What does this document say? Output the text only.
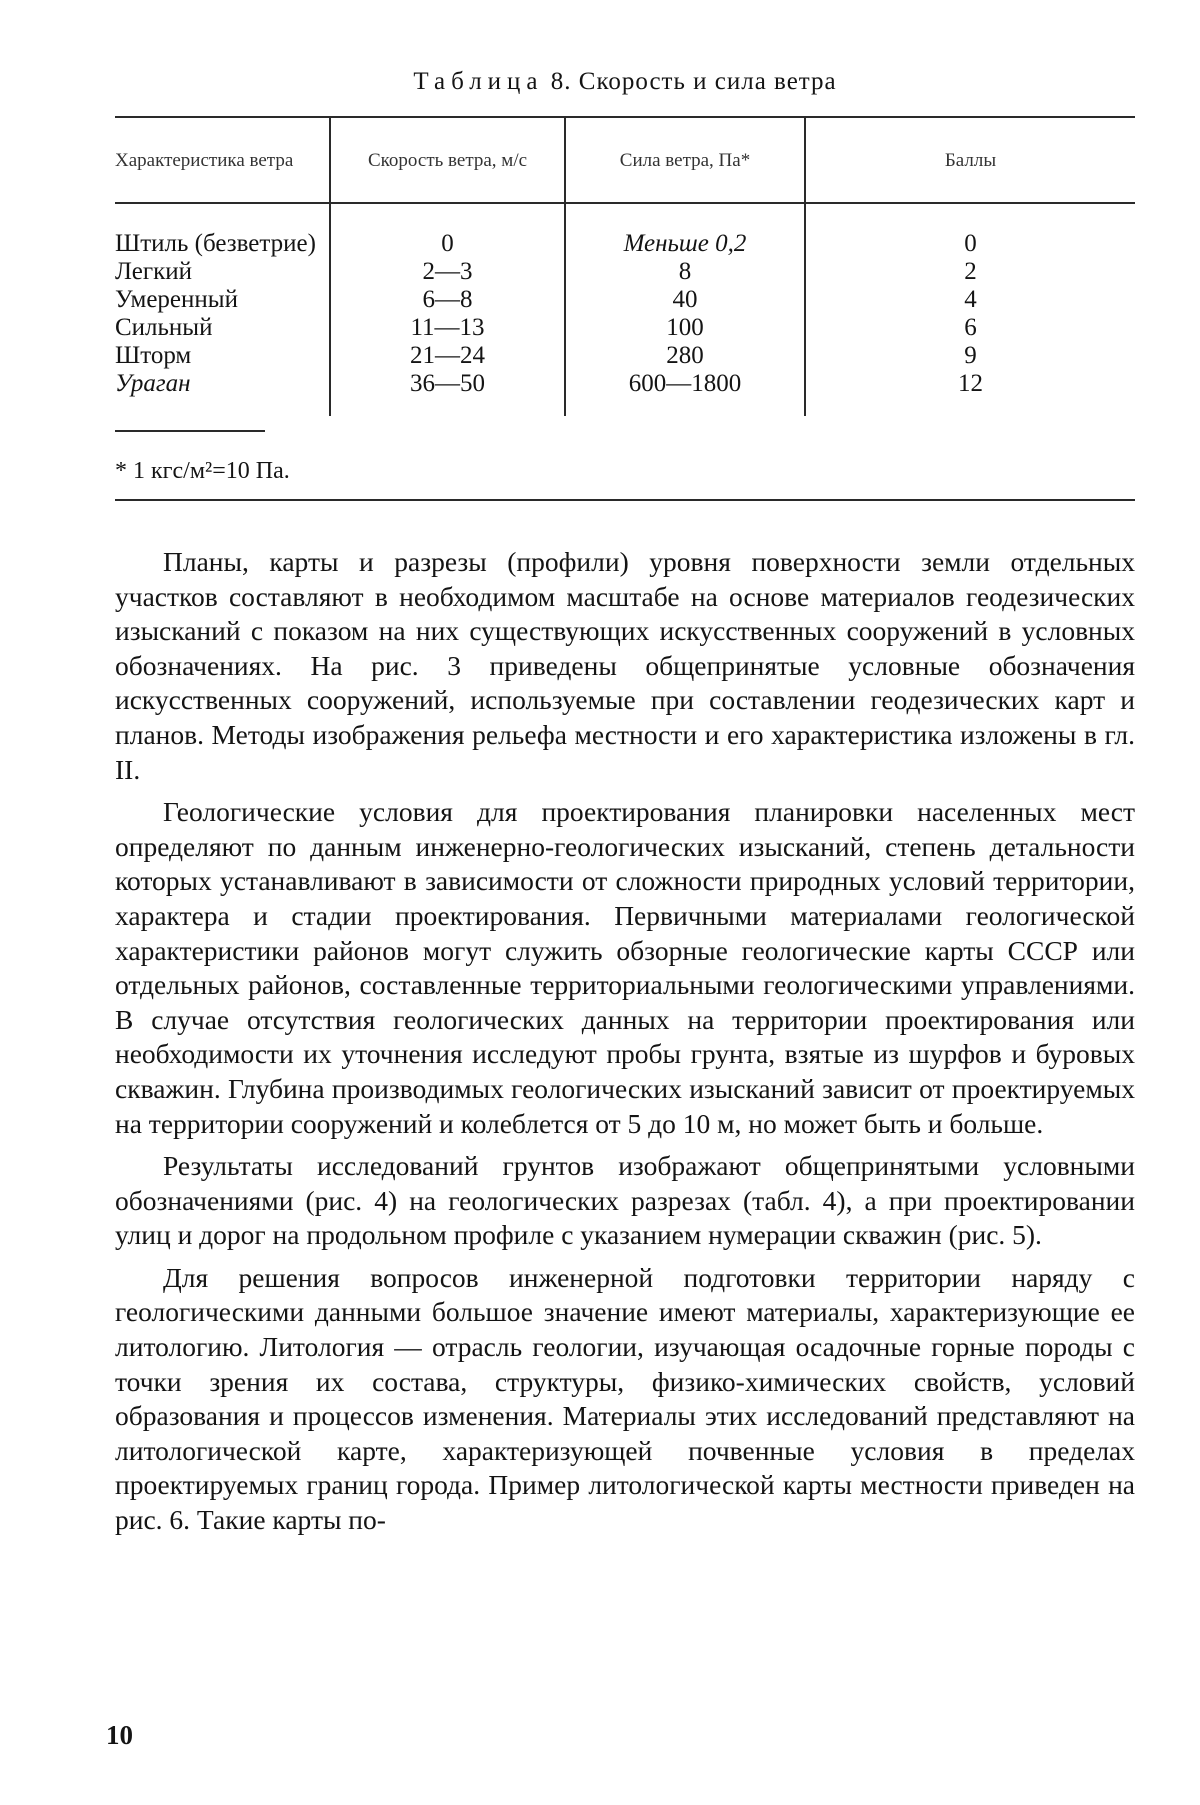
Таблица 8. Скорость и сила ветра
Характеристика ветра	Скорость ветра, м/с	Сила ветра, Па*	Баллы
Штиль (безветрие)	0	Меньше 0,2	0
Легкий	2—3	8	2
Умеренный	6—8	40	4
Сильный	11—13	100	6
Шторм	21—24	280	9
Ураган	36—50	600—1800	12
* 1 кгс/м²=10 Па.

Планы, карты и разрезы (профили) уровня поверхности земли отдельных участков составляют в необходимом масштабе на основе материалов геодезических изысканий с показом на них существующих искусственных сооружений в условных обозначениях. На рис. 3 приведены общепринятые условные обозначения искусственных сооружений, используемые при составлении геодезических карт и планов. Методы изображения рельефа местности и его характеристика изложены в гл. II.

Геологические условия для проектирования планировки населенных мест определяют по данным инженерно-геологических изысканий, степень детальности которых устанавливают в зависимости от сложности природных условий территории, характера и стадии проектирования. Первичными материалами геологической характеристики районов могут служить обзорные геологические карты СССР или отдельных районов, составленные территориальными геологическими управлениями. В случае отсутствия геологических данных на территории проектирования или необходимости их уточнения исследуют пробы грунта, взятые из шурфов и буровых скважин. Глубина производимых геологических изысканий зависит от проектируемых на территории сооружений и колеблется от 5 до 10 м, но может быть и больше.

Результаты исследований грунтов изображают общепринятыми условными обозначениями (рис. 4) на геологических разрезах (табл. 4), а при проектировании улиц и дорог на продольном профиле с указанием нумерации скважин (рис. 5).

Для решения вопросов инженерной подготовки территории наряду с геологическими данными большое значение имеют материалы, характеризующие ее литологию. Литология — отрасль геологии, изучающая осадочные горные породы с точки зрения их состава, структуры, физико-химических свойств, условий образования и процессов изменения. Материалы этих исследований представляют на литологической карте, характеризующей почвенные условия в пределах проектируемых границ города. Пример литологической карты местности приведен на рис. 6. Такие карты по-

10
